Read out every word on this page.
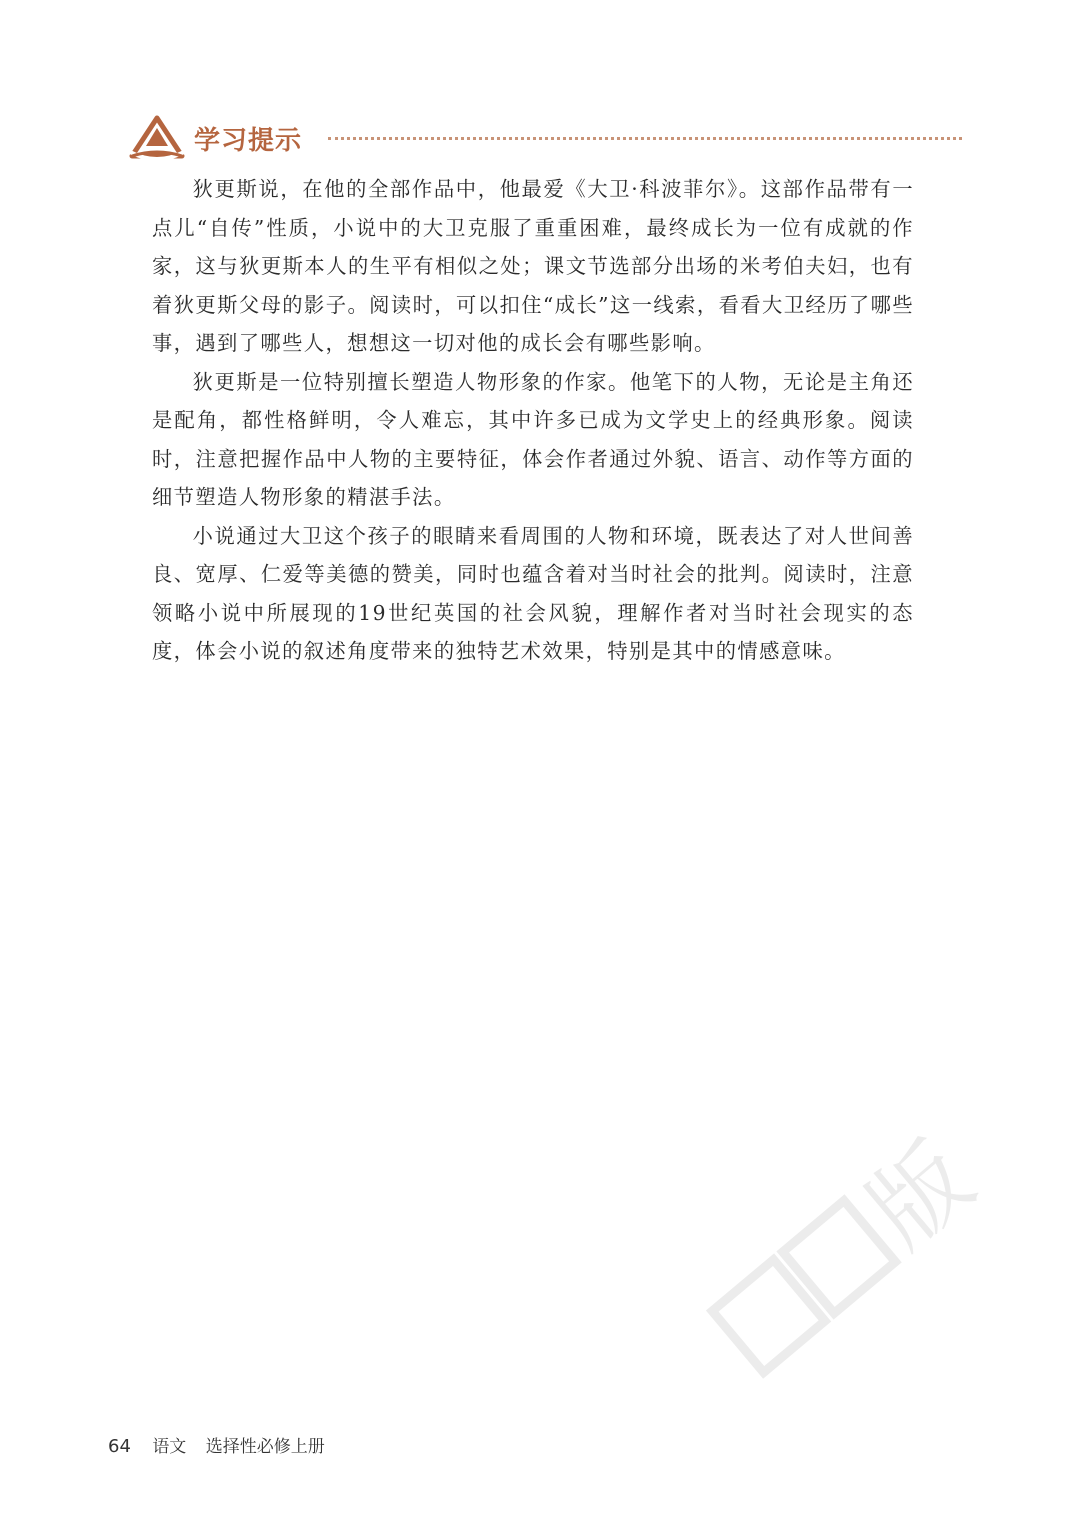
学习提示

狄更斯说，在他的全部作品中，他最爱《大卫·科波菲尔》。这部作品带有一点儿“自传”性质，小说中的大卫克服了重重困难，最终成长为一位有成就的作家，这与狄更斯本人的生平有相似之处；课文节选部分出场的米考伯夫妇，也有着狄更斯父母的影子。阅读时，可以扣住“成长”这一线索，看看大卫经历了哪些事，遇到了哪些人，想想这一切对他的成长会有哪些影响。

狄更斯是一位特别擅长塑造人物形象的作家。他笔下的人物，无论是主角还是配角，都性格鲜明，令人难忘，其中许多已成为文学史上的经典形象。阅读时，注意把握作品中人物的主要特征，体会作者通过外貌、语言、动作等方面的细节塑造人物形象的精湛手法。

小说通过大卫这个孩子的眼睛来看周围的人物和环境，既表达了对人世间善良、宽厚、仁爱等美德的赞美，同时也蕴含着对当时社会的批判。阅读时，注意领略小说中所展现的19世纪英国的社会风貌，理解作者对当时社会现实的态度，体会小说的叙述角度带来的独特艺术效果，特别是其中的情感意味。

版
64 语文 选择性必修上册
